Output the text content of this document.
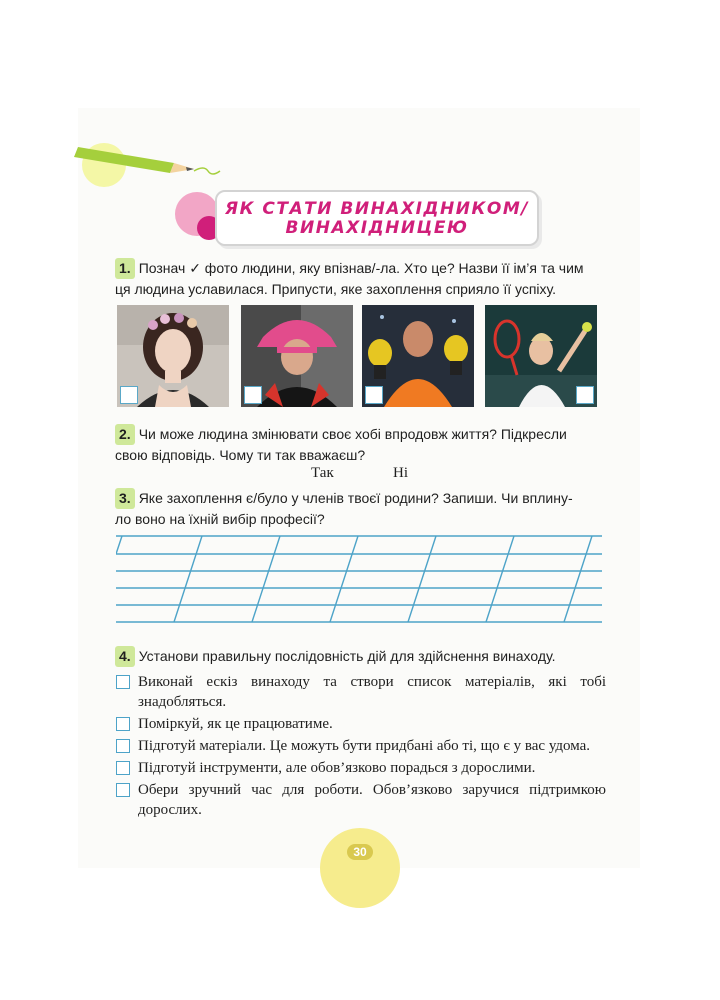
ЯК СТАТИ ВИНАХІДНИКОМ/
ВИНАХІДНИЦЕЮ
1. Познач ✓ фото людини, яку впізнав/-ла. Хто це? Назви її ім’я та чим
ця людина уславилася. Припусти, яке захоплення сприяло її успіху.
2. Чи може людина змінювати своє хобі впродовж життя? Підкресли
свою відповідь. Чому ти так вважаєш?
Так	Ні
3. Яке захоплення є/було у членів твоєї родини? Запиши. Чи вплину-
ло воно на їхній вибір професії?
4. Установи правильну послідовність дій для здійснення винаходу.
Виконай ескіз винаходу та створи список матеріалів, які тобі знадобляться.
Поміркуй, як це працюватиме.
Підготуй матеріали. Це можуть бути придбані або ті, що є у вас удома.
Підготуй інструменти, але обов’язково порадься з дорослими.
Обери зручний час для роботи. Обов’язково заручися підтримкою дорослих.
30
